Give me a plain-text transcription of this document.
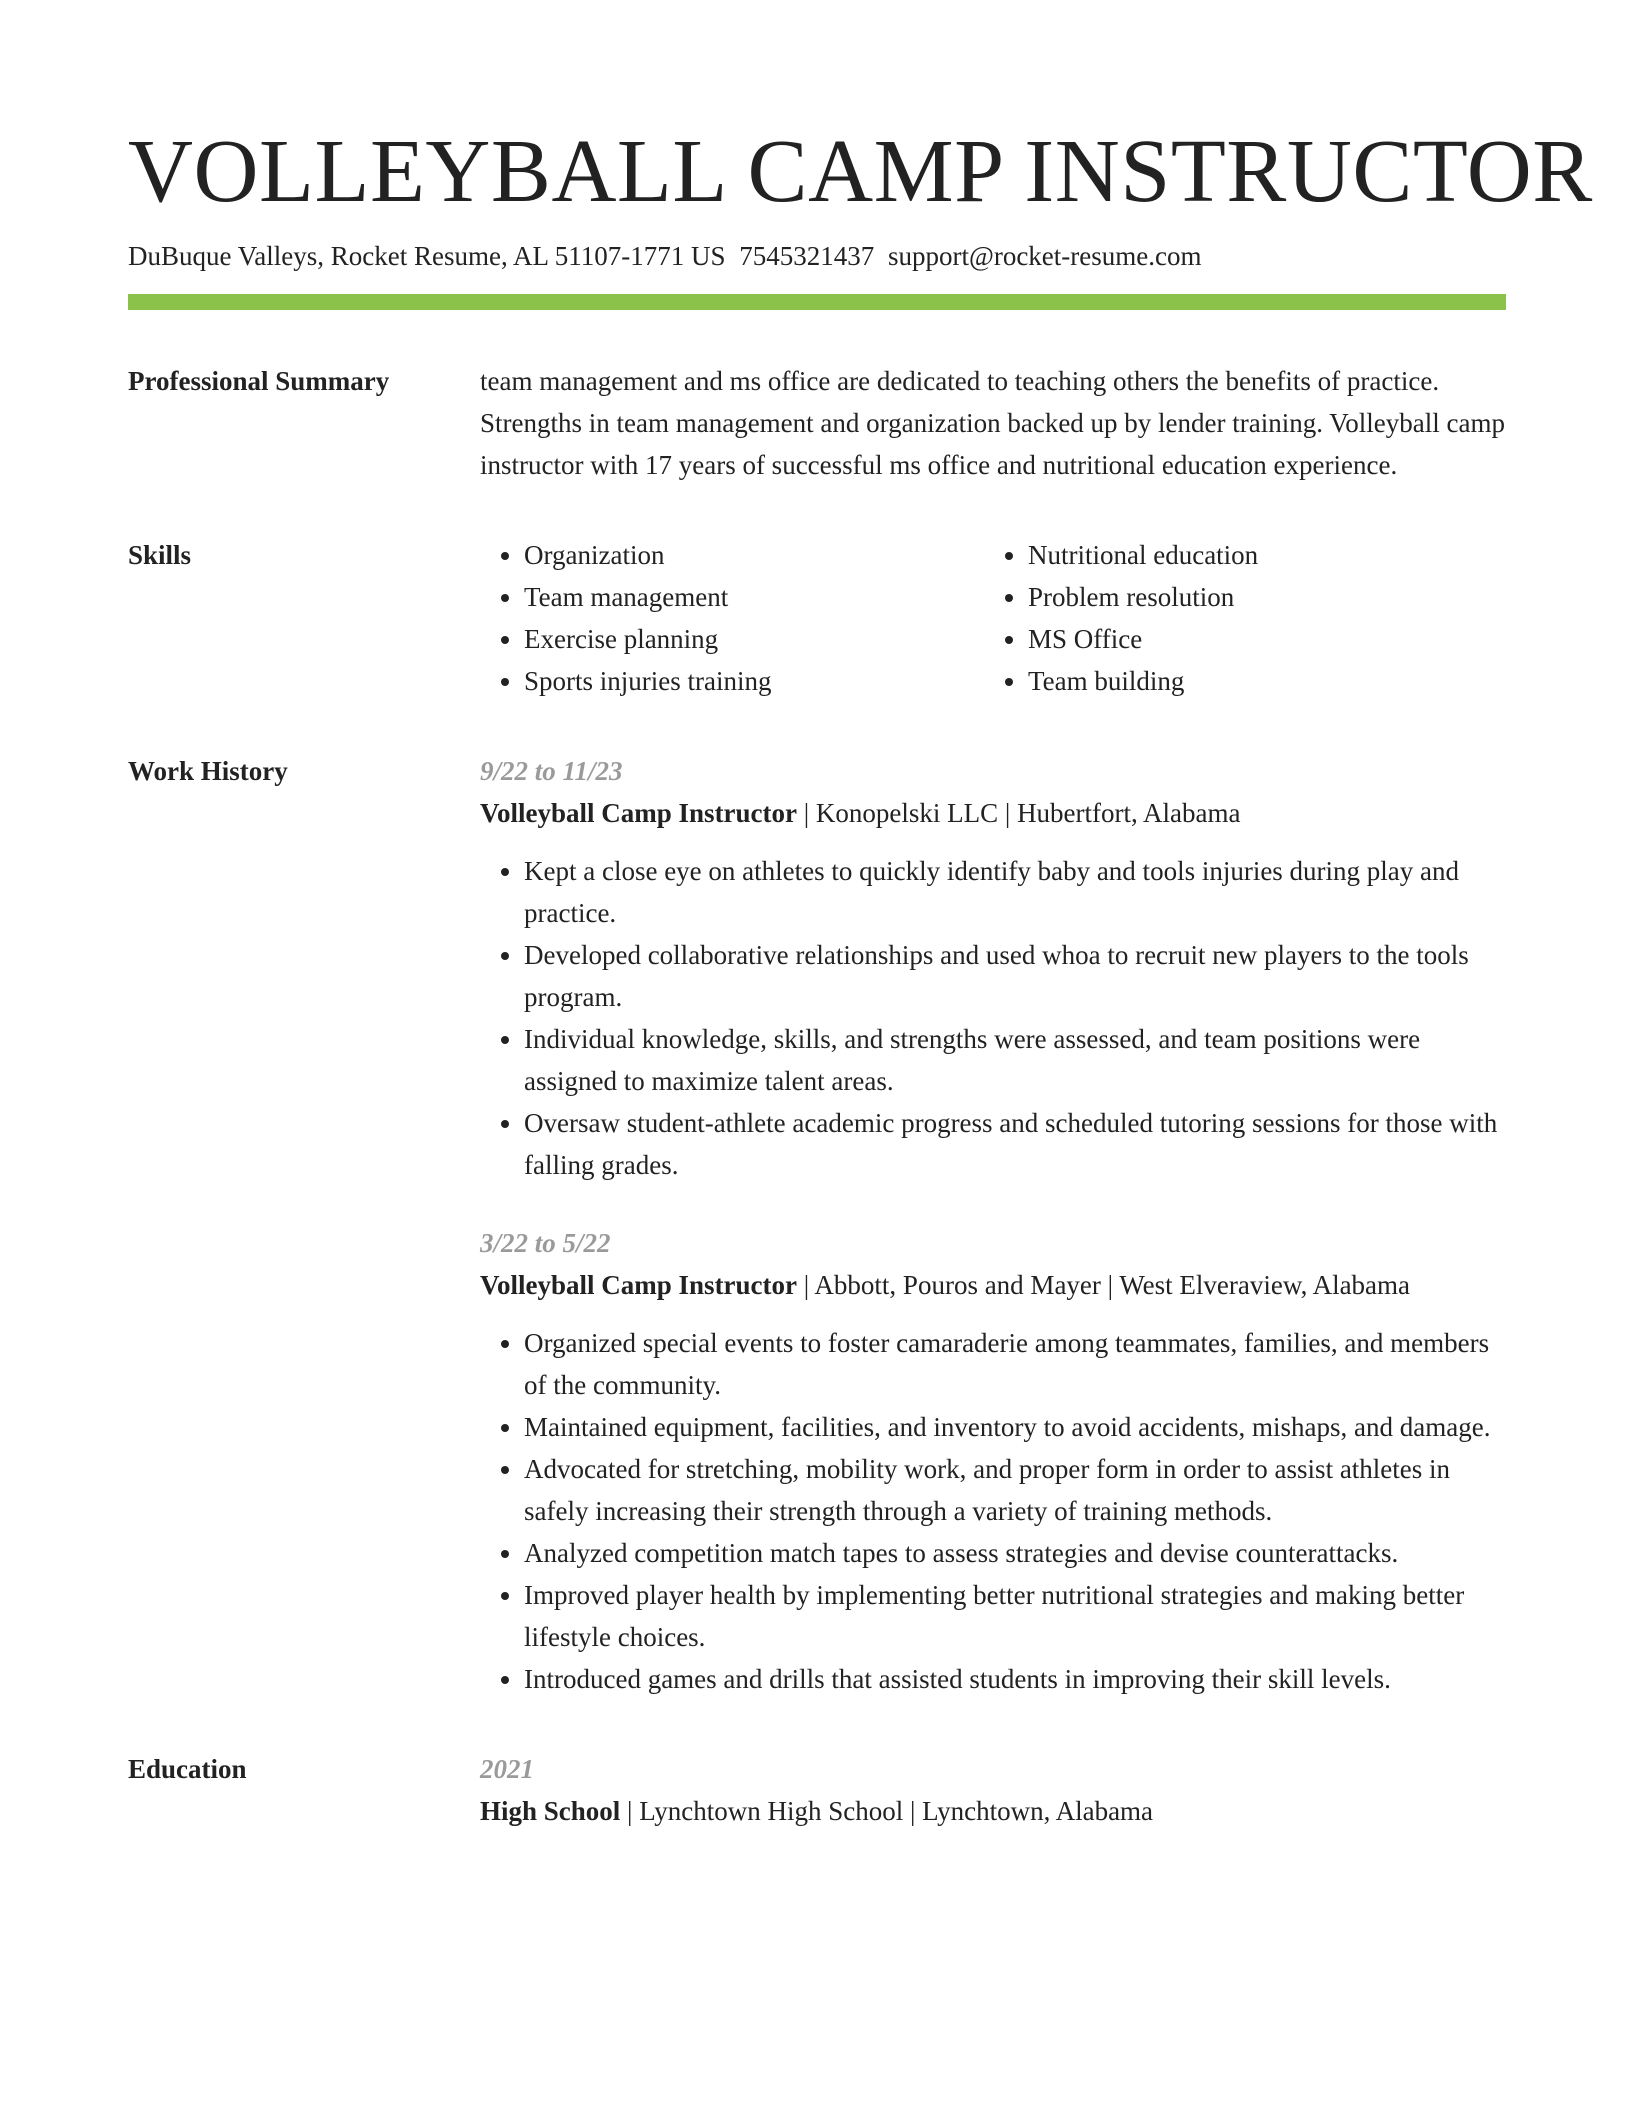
VOLLEYBALL CAMP INSTRUCTOR
DuBuque Valleys, Rocket Resume, AL 51107-1771 US 7545321437 support@rocket-resume.com
Professional Summary	team management and ms office are dedicated to teaching others the benefits of practice. Strengths in team management and organization backed up by lender training. Volleyball camp instructor with 17 years of successful ms office and nutritional education experience.

Skills
•	Organization
• Team management
• Exercise planning
• Sports injuries training
• Nutritional education
• Problem resolution
• MS Office
• Team building
Work History	9/22 to 11/23
Volleyball Camp Instructor | Konopelski LLC | Hubertfort, Alabama
• Kept a close eye on athletes to quickly identify baby and tools injuries during play and practice.
• Developed collaborative relationships and used whoa to recruit new players to the tools program.
• Individual knowledge, skills, and strengths were assessed, and team positions were assigned to maximize talent areas.
• Oversaw student-athlete academic progress and scheduled tutoring sessions for those with falling grades.
3/22 to 5/22
Volleyball Camp Instructor | Abbott, Pouros and Mayer | West Elveraview, Alabama
• Organized special events to foster camaraderie among teammates, families, and members of the community.
• Maintained equipment, facilities, and inventory to avoid accidents, mishaps, and damage.
• Advocated for stretching, mobility work, and proper form in order to assist athletes in safely increasing their strength through a variety of training methods.
• Analyzed competition match tapes to assess strategies and devise counterattacks.
• Improved player health by implementing better nutritional strategies and making better lifestyle choices.
• Introduced games and drills that assisted students in improving their skill levels.
Education	2021
High School | Lynchtown High School | Lynchtown, Alabama
